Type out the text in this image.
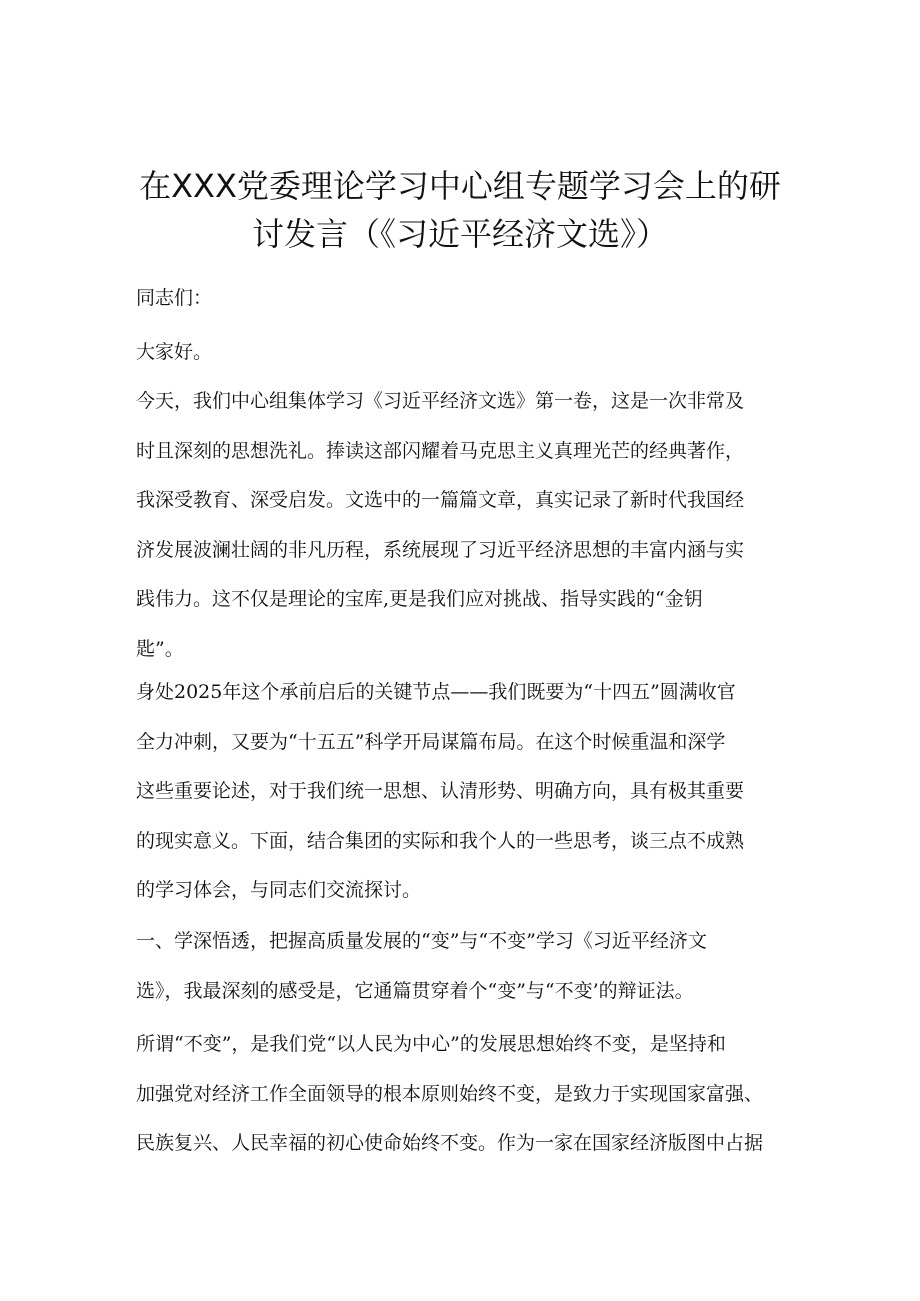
在XXX党委理论学习中心组专题学习会上的研
讨发言（《习近平经济文选》）

同志们：

大家好。

今天，我们中心组集体学习《习近平经济文选》第一卷，这是一次非常及
时且深刻的思想洗礼。捧读这部闪耀着马克思主义真理光芒的经典著作，
我深受教育、深受启发。文选中的一篇篇文章，真实记录了新时代我国经
济发展波澜壮阔的非凡历程，系统展现了习近平经济思想的丰富内涵与实
践伟力。这不仅是理论的宝库,更是我们应对挑战、指导实践的“金钥
匙”。

身处2025年这个承前启后的关键节点——我们既要为“十四五”圆满收官
全力冲刺，又要为“十五五”科学开局谋篇布局。在这个时候重温和深学
这些重要论述，对于我们统一思想、认清形势、明确方向，具有极其重要
的现实意义。下面，结合集团的实际和我个人的一些思考，谈三点不成熟
的学习体会，与同志们交流探讨。

一、学深悟透，把握高质量发展的“变”与“不变”学习《习近平经济文
选》，我最深刻的感受是，它通篇贯穿着个“变”与“不变’的辩证法。

所谓“不变”，是我们党“以人民为中心”的发展思想始终不变，是坚持和
加强党对经济工作全面领导的根本原则始终不变，是致力于实现国家富强、
民族复兴、人民幸福的初心使命始终不变。作为一家在国家经济版图中占据
